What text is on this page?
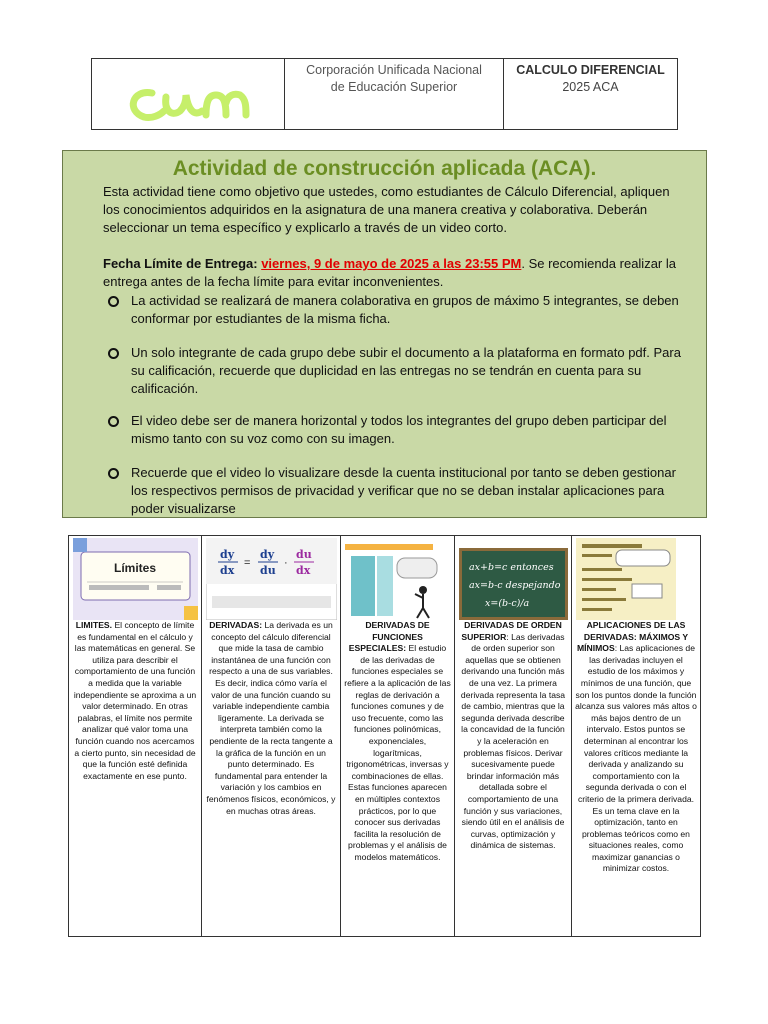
Corporación Unificada Nacional
de Educación Superior
CALCULO DIFERENCIAL
2025 ACA
Actividad de construcción aplicada (ACA).
Esta actividad tiene como objetivo que ustedes, como estudiantes de Cálculo Diferencial, apliquen los conocimientos adquiridos en la asignatura de una manera creativa y colaborativa. Deberán seleccionar un tema específico y explicarlo a través de un video corto.
Fecha Límite de Entrega: viernes, 9 de mayo de 2025 a las 23:55 PM. Se recomienda realizar la entrega antes de la fecha límite para evitar inconvenientes.
La actividad se realizará de manera colaborativa en grupos de máximo 5 integrantes, se deben conformar por estudiantes de la misma ficha.
Un solo integrante de cada grupo debe subir el documento a la plataforma en formato pdf. Para su calificación, recuerde que duplicidad en las entregas no se tendrán en cuenta para su calificación.
El video debe ser de manera horizontal y todos los integrantes del grupo deben participar del mismo tanto con su voz como con su imagen.
Recuerde que el video lo visualizare desde la cuenta institucional por tanto se deben gestionar los respectivos permisos de privacidad y verificar que no se deban instalar aplicaciones para poder visualizarse
Límites
LIMITES. El concepto de límite es fundamental en el cálculo y las matemáticas en general. Se utiliza para describir el comportamiento de una función a medida que la variable independiente se aproxima a un valor determinado. En otras palabras, el límite nos permite analizar qué valor toma una función cuando nos acercamos a cierto punto, sin necesidad de que la función esté definida exactamente en ese punto.
dy
dx
=
dy
du
·
du
dx
DERIVADAS: La derivada es un concepto del cálculo diferencial que mide la tasa de cambio instantánea de una función con respecto a una de sus variables. Es decir, indica cómo varía el valor de una función cuando su variable independiente cambia ligeramente. La derivada se interpreta también como la pendiente de la recta tangente a la gráfica de la función en un punto determinado. Es fundamental para entender la variación y los cambios en fenómenos físicos, económicos, y en muchas otras áreas.
DERIVADAS DE FUNCIONES ESPECIALES: El estudio de las derivadas de funciones especiales se refiere a la aplicación de las reglas de derivación a funciones comunes y de uso frecuente, como las funciones polinómicas, exponenciales, logarítmicas, trigonométricas, inversas y combinaciones de ellas. Estas funciones aparecen en múltiples contextos prácticos, por lo que conocer sus derivadas facilita la resolución de problemas y el análisis de modelos matemáticos.
ax+b=c entonces
ax=b-c despejando
x=(b-c)/a
DERIVADAS DE ORDEN SUPERIOR: Las derivadas de orden superior son aquellas que se obtienen derivando una función más de una vez. La primera derivada representa la tasa de cambio, mientras que la segunda derivada describe la concavidad de la función y la aceleración en problemas físicos. Derivar sucesivamente puede brindar información más detallada sobre el comportamiento de una función y sus variaciones, siendo útil en el análisis de curvas, optimización y dinámica de sistemas.
APLICACIONES DE LAS DERIVADAS: MÁXIMOS Y MÍNIMOS: Las aplicaciones de las derivadas incluyen el estudio de los máximos y mínimos de una función, que son los puntos donde la función alcanza sus valores más altos o más bajos dentro de un intervalo. Estos puntos se determinan al encontrar los valores críticos mediante la derivada y analizando su comportamiento con la segunda derivada o con el criterio de la primera derivada. Es un tema clave en la optimización, tanto en problemas teóricos como en situaciones reales, como maximizar ganancias o minimizar costos.
